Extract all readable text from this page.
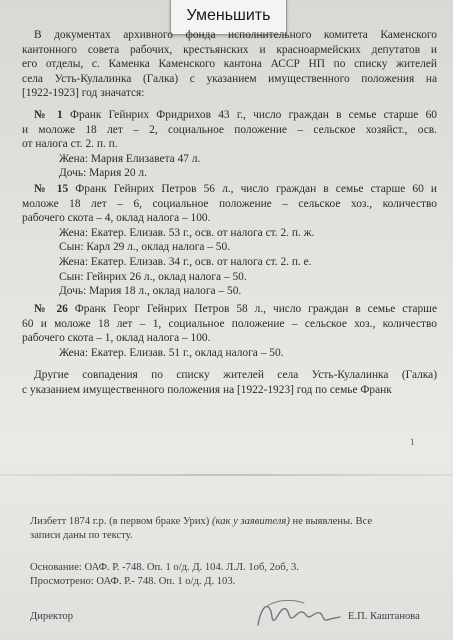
Уменьшить
В документах архивного фонда исполнительного комитета Каменского
кантонного совета рабочих, крестьянских и красноармейских депутатов и
его отделы, с. Каменка Каменского кантона АССР НП по списку жителей
села Усть-Кулалинка (Галка) с указанием имущественного положения на
[1922-1923] год значатся:
№ 1 Франк Гейнрих Фридрихов 43 г., число граждан в семье старше 60
и моложе 18 лет – 2, социальное положение – сельское хозяйст., осв.
от налога ст. 2. п. п.
Жена: Мария Елизавета 47 л.
Дочь: Мария 20 л.
№ 15 Франк Гейнрих Петров 56 л., число граждан в семье старше 60 и
моложе 18 лет – 6, социальное положение – сельское хоз., количество
рабочего скота – 4, оклад налога – 100.
Жена: Екатер. Елизав. 53 г., осв. от налога ст. 2. п. ж.
Сын: Карл 29 л., оклад налога – 50.
Жена: Екатер. Елизав. 34 г., осв. от налога ст. 2. п. е.
Сын: Гейнрих 26 л., оклад налога – 50.
Дочь: Мария 18 л., оклад налога – 50.
№ 26 Франк Георг Гейнрих Петров 58 л., число граждан в семье старше
60 и моложе 18 лет – 1, социальное положение – сельское хоз., количество
рабочего скота – 1, оклад налога – 100.
Жена: Екатер. Елизав. 51 г., оклад налога – 50.
Другие совпадения по списку жителей села Усть-Кулалинка (Галка)
с указанием имущественного положения на [1922-1923] год по семье Франк
1
Лизбетт 1874 г.р. (в первом браке Урих) (как у заявителя) не выявлены. Все
записи даны по тексту.
Основание: ОАФ. Р. -748. Оп. 1 о/д. Д. 104. Л.Л. 1об, 2об, 3.
Просмотрено: ОАФ. Р.- 748. Оп. 1 о/д. Д. 103.
Директор	Е.П. Каштанова
